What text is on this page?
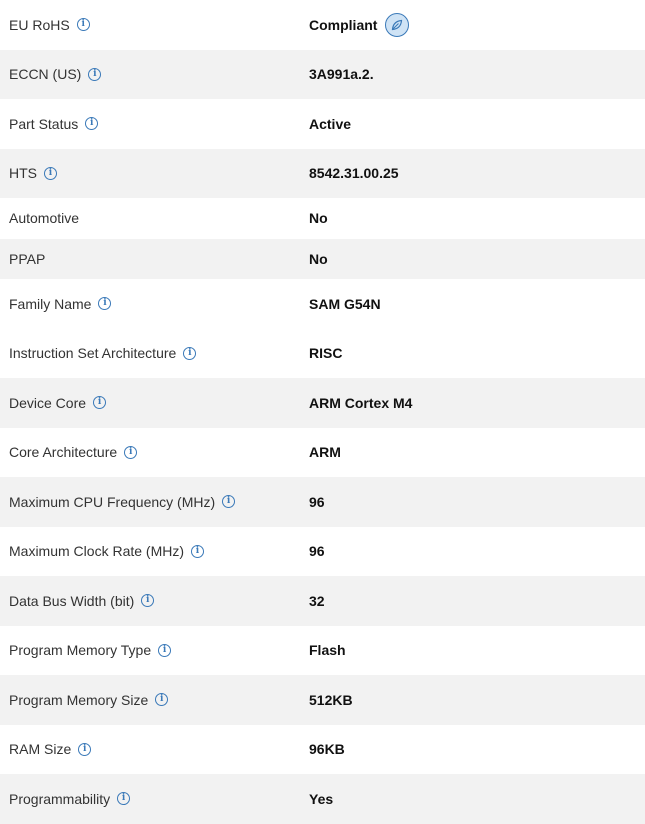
EU RoHS	i	Compliant
ECCN (US)	i	3A991a.2.
Part Status	i	Active
HTS	i	8542.31.00.25
Automotive	No
PPAP	No
Family Name	i	SAM G54N
Instruction Set Architecture	i	RISC
Device Core	i	ARM Cortex M4
Core Architecture	i	ARM
Maximum CPU Frequency (MHz)	i	96
Maximum Clock Rate (MHz)	i	96
Data Bus Width (bit)	i	32
Program Memory Type	i	Flash
Program Memory Size	i	512KB
RAM Size	i	96KB
Programmability	i	Yes
